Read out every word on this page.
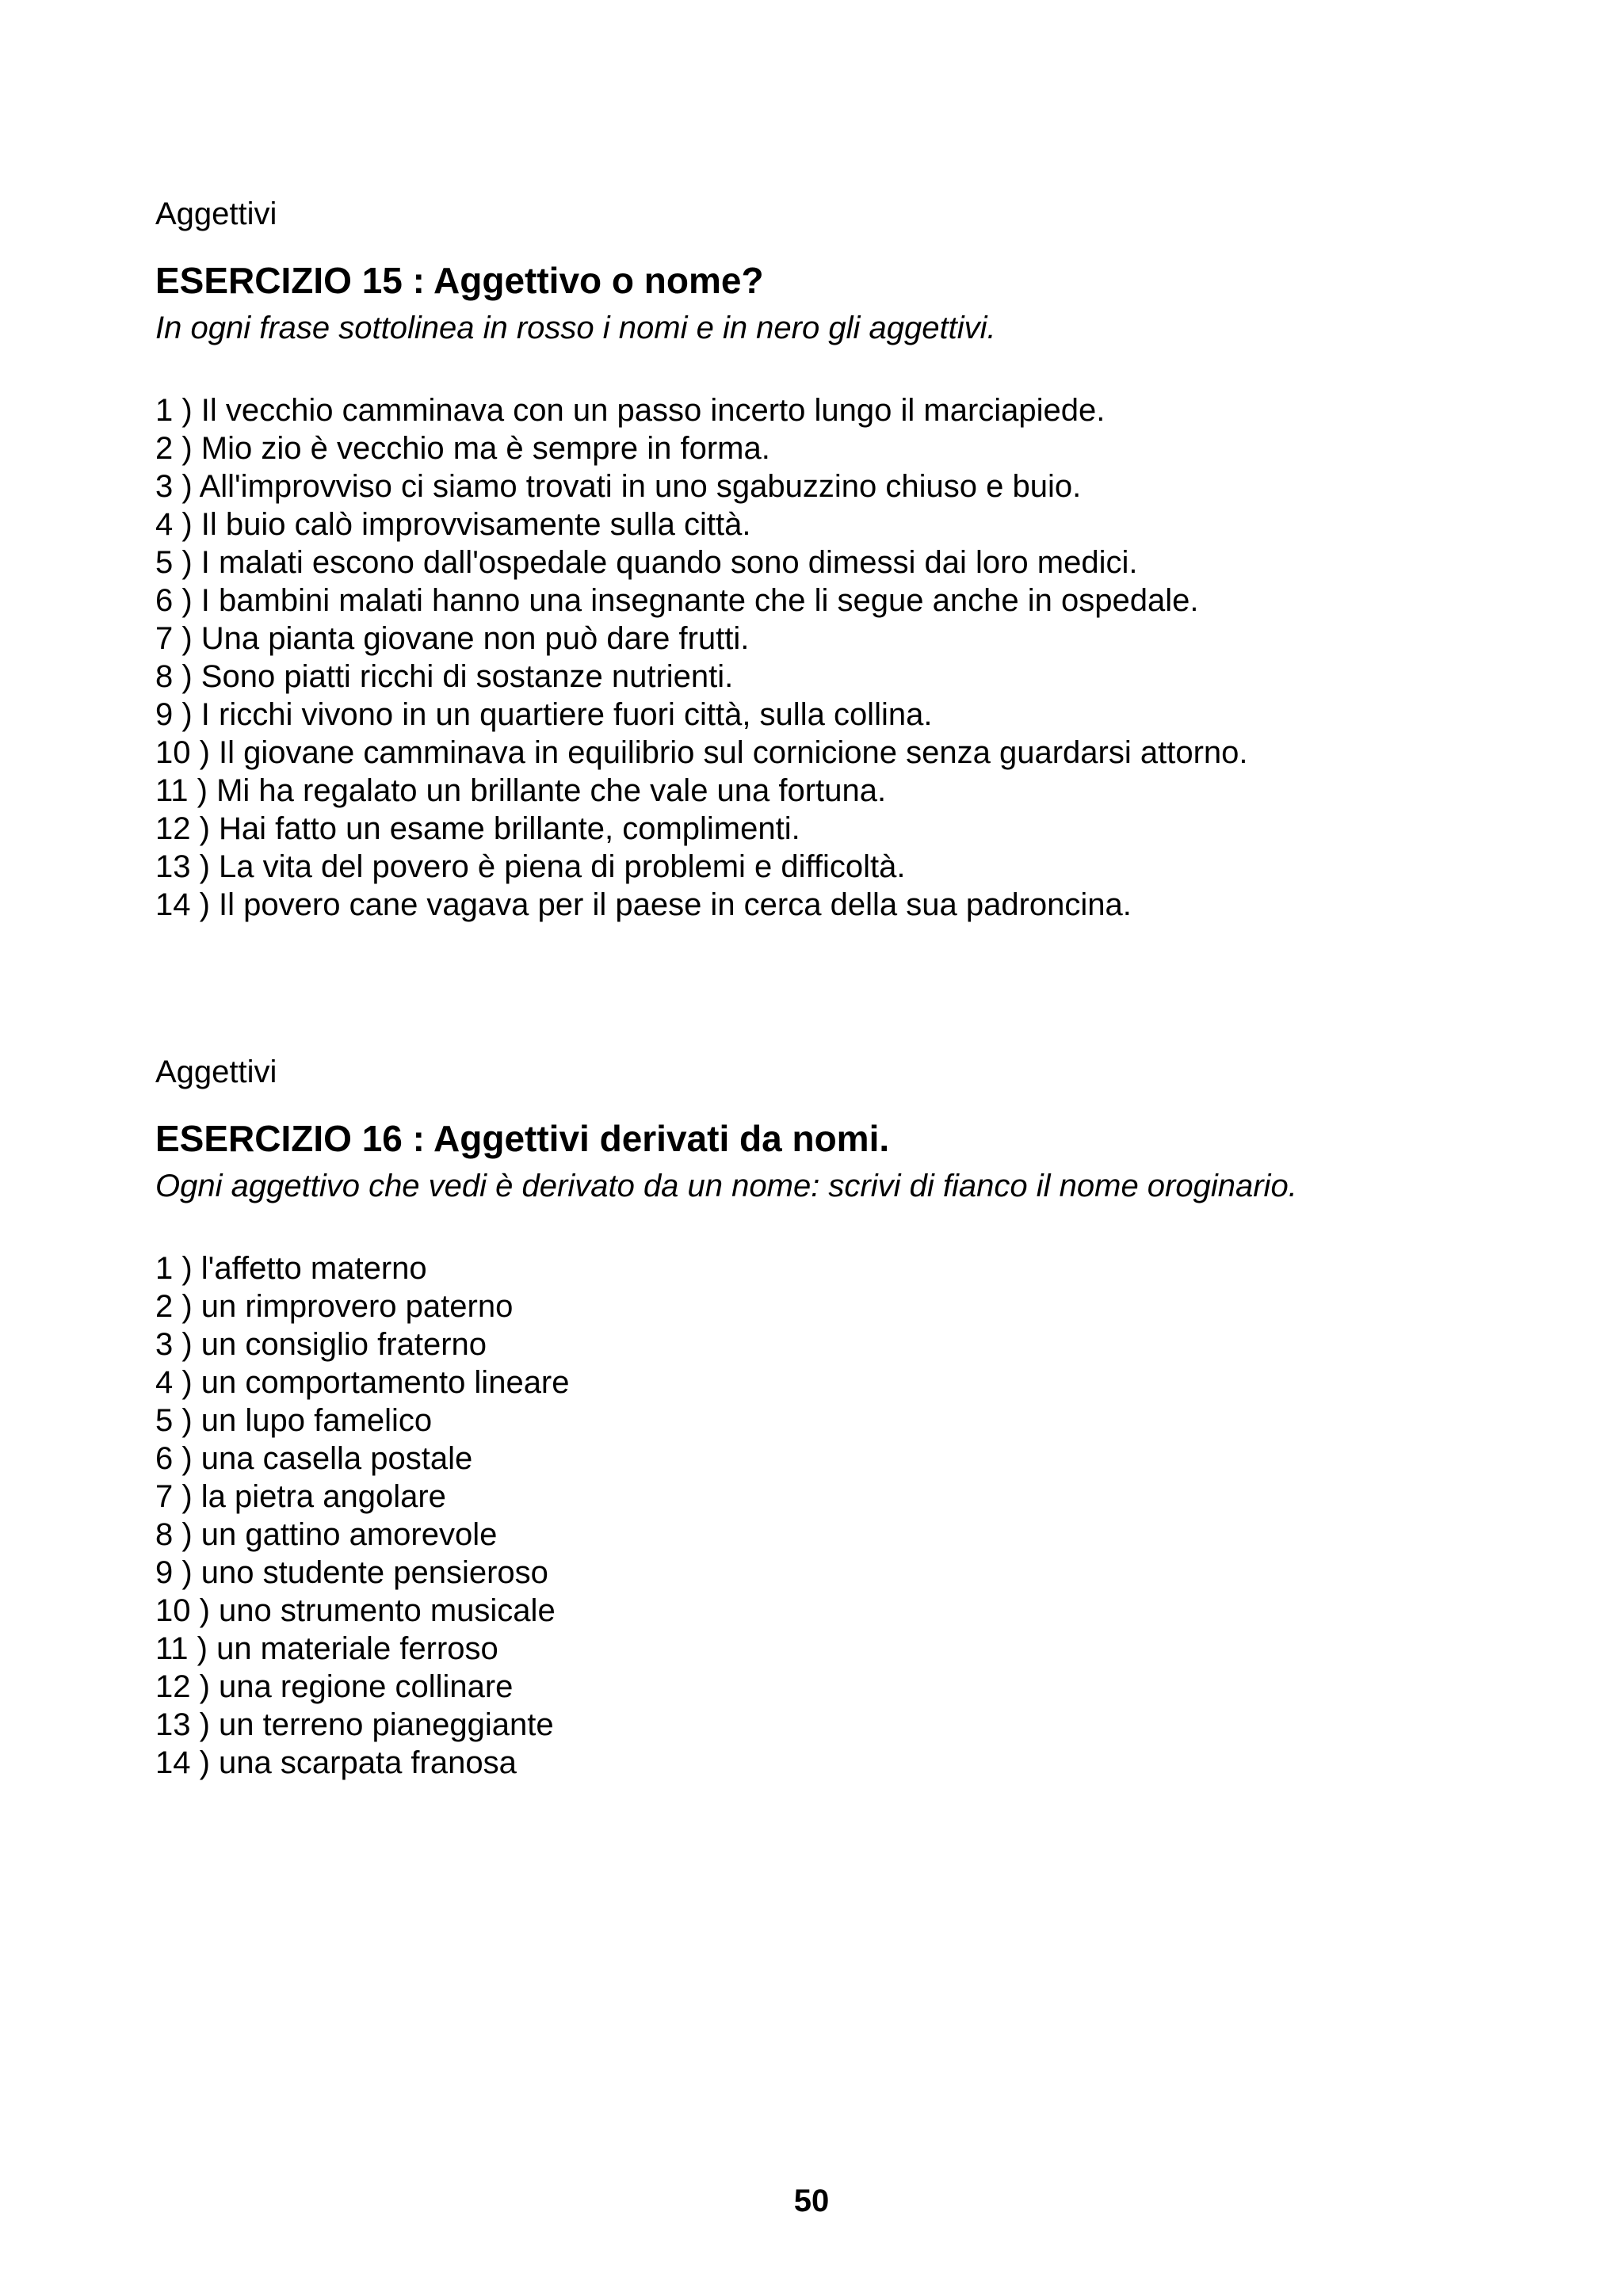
Aggettivi

ESERCIZIO 15 : Aggettivo o nome?

In ogni frase sottolinea in rosso i nomi e in nero gli aggettivi.

1 ) Il vecchio camminava con un passo incerto lungo il marciapiede.
2 ) Mio zio è vecchio ma è sempre in forma.
3 ) All'improvviso ci siamo trovati in uno sgabuzzino chiuso e buio.
4 ) Il buio calò improvvisamente sulla città.
5 ) I malati escono dall'ospedale quando sono dimessi dai loro medici.
6 ) I bambini malati hanno una insegnante che li segue anche in ospedale.
7 ) Una pianta giovane non può dare frutti.
8 ) Sono piatti ricchi di sostanze nutrienti.
9 ) I ricchi vivono in un quartiere fuori città, sulla collina.
10 ) Il giovane camminava in equilibrio sul cornicione senza guardarsi attorno.
11 ) Mi ha regalato un brillante che vale una fortuna.
12 ) Hai fatto un esame brillante, complimenti.
13 ) La vita del povero è piena di problemi e difficoltà.
14 ) Il povero cane vagava per il paese in cerca della sua padroncina.

Aggettivi

ESERCIZIO 16 : Aggettivi derivati da nomi.

Ogni aggettivo che vedi è derivato da un nome: scrivi di fianco il nome oroginario.

1 ) l'affetto materno
2 ) un rimprovero paterno
3 ) un consiglio fraterno
4 ) un comportamento lineare
5 ) un lupo famelico
6 ) una casella postale
7 ) la pietra angolare
8 ) un gattino amorevole
9 ) uno studente pensieroso
10 ) uno strumento musicale
11 ) un materiale ferroso
12 ) una regione collinare
13 ) un terreno pianeggiante
14 ) una scarpata franosa
50
